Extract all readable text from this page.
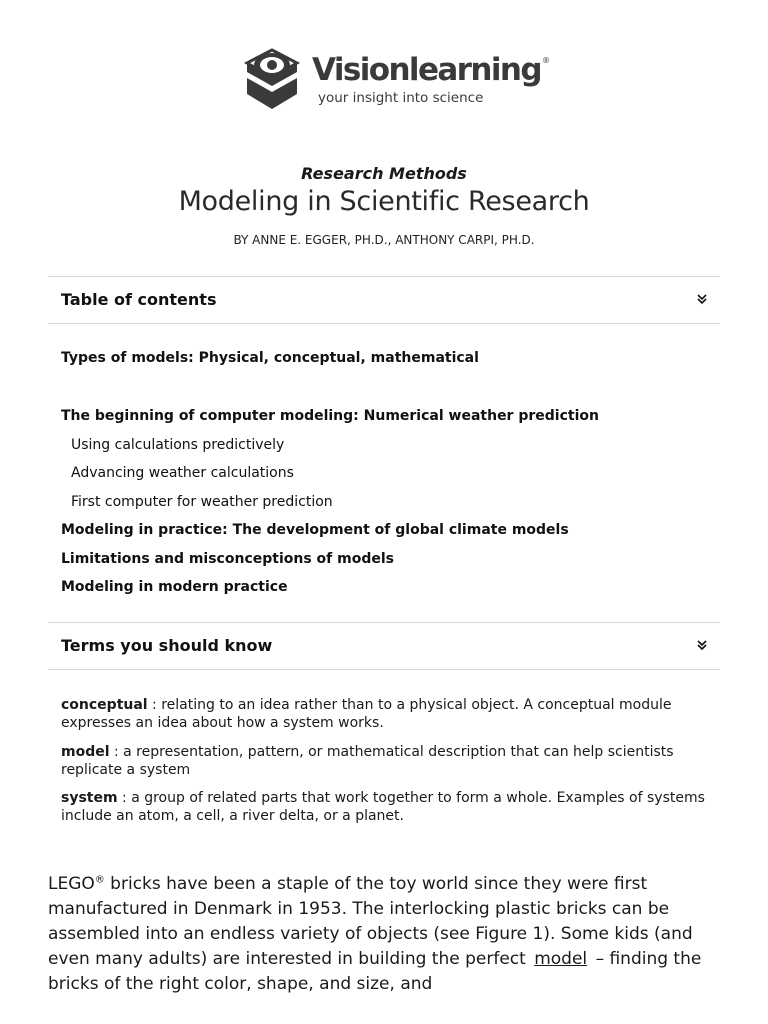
Visionlearning®
your insight into science
Research Methods
Modeling in Scientific Research
BY ANNE E. EGGER, PH.D., ANTHONY CARPI, PH.D.
Table of contents
Types of models: Physical, conceptual, mathematical
The beginning of computer modeling: Numerical weather prediction
Using calculations predictively
Advancing weather calculations
First computer for weather prediction
Modeling in practice: The development of global climate models
Limitations and misconceptions of models
Modeling in modern practice
Terms you should know
conceptual : relating to an idea rather than to a physical object. A conceptual module expresses an idea about how a system works.
model : a representation, pattern, or mathematical description that can help scientists replicate a system
system : a group of related parts that work together to form a whole. Examples of systems include an atom, a cell, a river delta, or a planet.
LEGO® bricks have been a staple of the toy world since they were first manufactured in Denmark in 1953. The interlocking plastic bricks can be assembled into an endless variety of objects (see Figure 1). Some kids (and even many adults) are interested in building the perfect model – finding the bricks of the right color, shape, and size, and
